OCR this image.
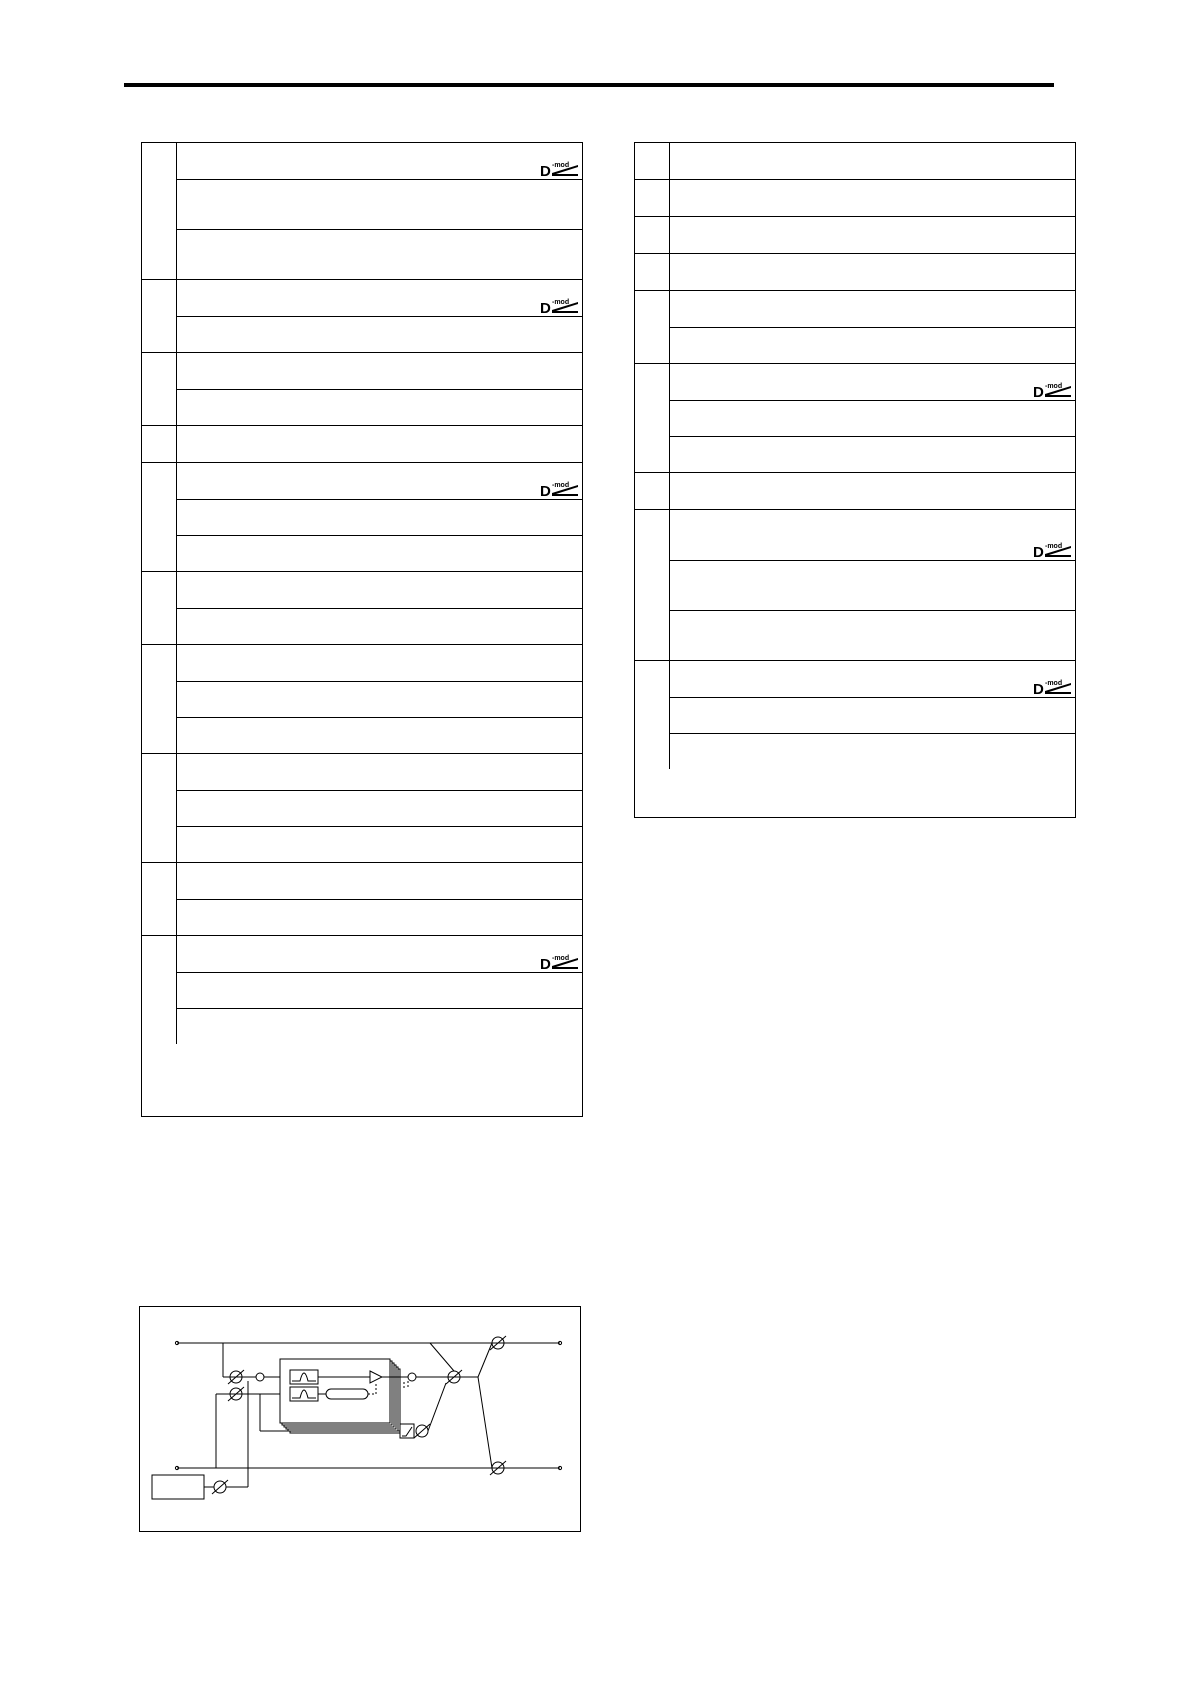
D -mod
D -mod
D -mod
D -mod
D -mod
D -mod
D -mod
